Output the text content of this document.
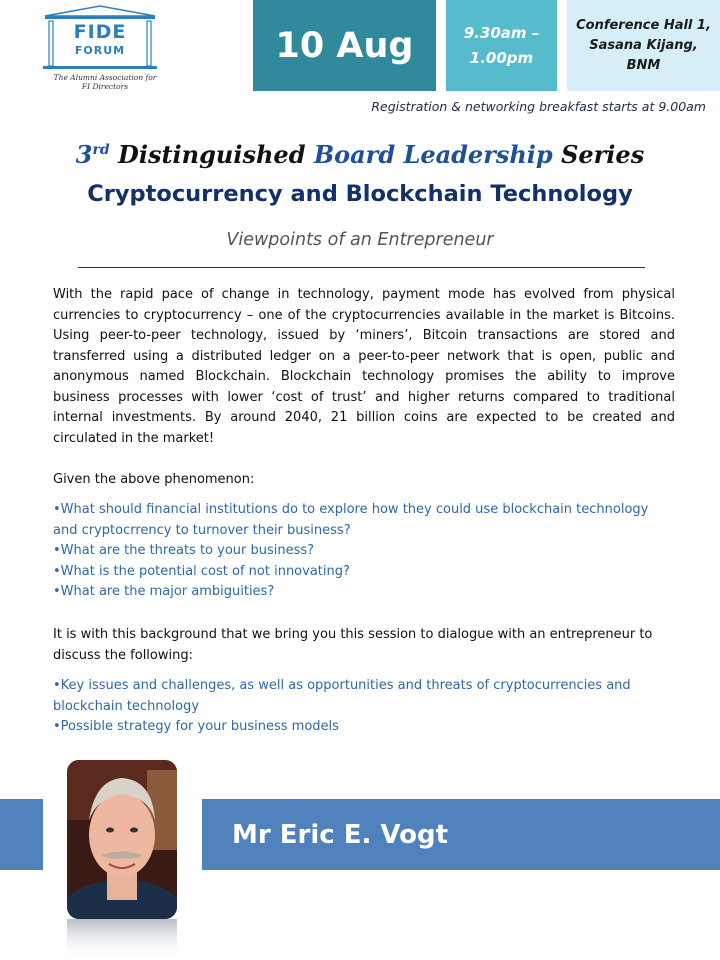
FIDE
FORUM
The Alumni Association for FI Directors
10 Aug	9.30am –
1.00pm
Conference Hall 1,
Sasana Kijang,
BNM
Registration & networking breakfast starts at 9.00am
3rd Distinguished Board Leadership Series
Cryptocurrency and Blockchain Technology
Viewpoints of an Entrepreneur

With the rapid pace of change in technology, payment mode has evolved from physical currencies to cryptocurrency – one of the cryptocurrencies available in the market is Bitcoins. Using peer-to-peer technology, issued by ‘miners’, Bitcoin transactions are stored and transferred using a distributed ledger on a peer-to-peer network that is open, public and anonymous named Blockchain. Blockchain technology promises the ability to improve business processes with lower ‘cost of trust’ and higher returns compared to traditional internal investments. By around 2040, 21 billion coins are expected to be created and circulated in the market!

Given the above phenomenon:
•What should financial institutions do to explore how they could use blockchain technology and cryptocrrency to turnover their business?
•What are the threats to your business?
•What is the potential cost of not innovating?
•What are the major ambiguities?
It is with this background that we bring you this session to dialogue with an entrepreneur to discuss the following:
•Key issues and challenges, as well as opportunities and threats of cryptocurrencies and blockchain technology
•Possible strategy for your business models
Mr Eric E. Vogt
